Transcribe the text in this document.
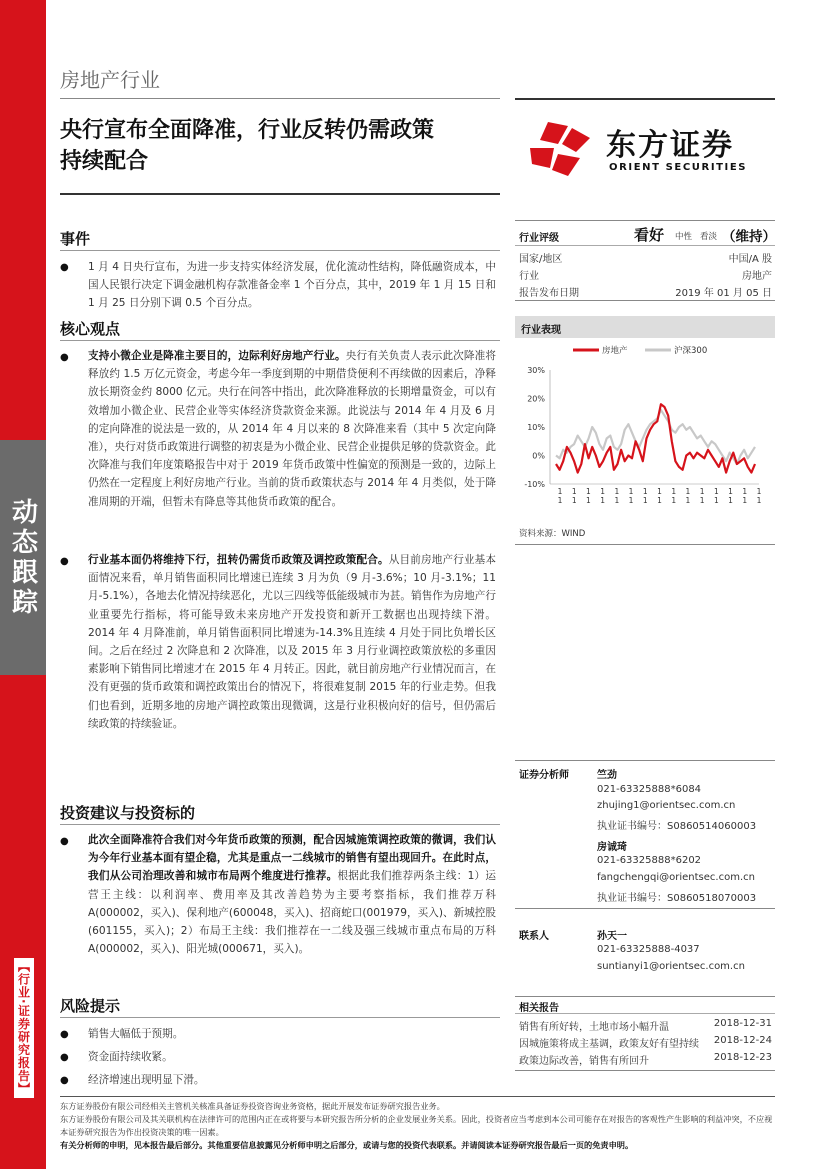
动态跟踪
【行业·证券研究报告】
房地产行业
央行宣布全面降准，行业反转仍需政策
持续配合	东方证券
ORIENT SECURITIES
事件
● 1 月 4 日央行宣布，为进一步支持实体经济发展，优化流动性结构，降低融资成本，中国人民银行决定下调金融机构存款准备金率 1 个百分点，其中，2019 年 1 月 15 日和 1 月 25 日分别下调 0.5 个百分点。
核心观点
● 支持小微企业是降准主要目的，边际利好房地产行业。央行有关负责人表示此次降准将释放约 1.5 万亿元资金，考虑今年一季度到期的中期借贷便利不再续做的因素后，净释放长期资金约 8000 亿元。央行在问答中指出，此次降准释放的长期增量资金，可以有效增加小微企业、民营企业等实体经济贷款资金来源。此说法与 2014 年 4 月及 6 月的定向降准的说法是一致的，从 2014 年 4 月以来的 8 次降准来看（其中 5 次定向降准），央行对货币政策进行调整的初衷是为小微企业、民营企业提供足够的贷款资金。此次降准与我们年度策略报告中对于 2019 年货币政策中性偏宽的预测是一致的，边际上仍然在一定程度上利好房地产行业。当前的货币政策状态与 2014 年 4 月类似，处于降准周期的开端，但暂未有降息等其他货币政策的配合。
● 行业基本面仍将维持下行，扭转仍需货币政策及调控政策配合。从目前房地产行业基本面情况来看，单月销售面积同比增速已连续 3 月为负（9 月-3.6%；10 月-3.1%；11 月-5.1%），各地去化情况持续恶化，尤以三四线等低能级城市为甚。销售作为房地产行业重要先行指标，将可能导致未来房地产开发投资和新开工数据也出现持续下滑。2014 年 4 月降准前，单月销售面积同比增速为-14.3%且连续 4 月处于同比负增长区间。之后在经过 2 次降息和 2 次降准，以及 2015 年 3 月行业调控政策放松的多重因素影响下销售同比增速才在 2015 年 4 月转正。因此，就目前房地产行业情况而言，在没有更强的货币政策和调控政策出台的情况下，将很难复制 2015 年的行业走势。但我们也看到，近期多地的房地产调控政策出现微调，这是行业积极向好的信号，但仍需后续政策的持续验证。
投资建议与投资标的
● 此次全面降准符合我们对今年货币政策的预测，配合因城施策调控政策的微调，我们认为今年行业基本面有望企稳，尤其是重点一二线城市的销售有望出现回升。在此时点，我们从公司治理改善和城市布局两个维度进行推荐。根据此我们推荐两条主线：1）运营王主线：以利润率、费用率及其改善趋势为主要考察指标，我们推荐万科 A(000002，买入)、保利地产(600048，买入)、招商蛇口(001979，买入)、新城控股(601155，买入)；2）布局王主线：我们推荐在一二线及强三线城市重点布局的万科 A(000002，买入)、阳光城(000671，买入)。
风险提示
● 销售大幅低于预期。
● 资金面持续收紧。
● 经济增速出现明显下滑。
行业评级	看好 中性 看淡 （维持）
国家/地区	中国/A 股
行业	房地产
报告发布日期	2019 年 01 月 05 日
行业表现
房地产	沪深300
30%
20%
10%
0%
-10%
1
1
1
1
1
1
1
1
1
1
1
1
1
1
1
1
1
1
1
1
1
1
1
1
1
1
1
1
1
1
资料来源：WIND
证券分析师	竺劲
021-63325888*6084
zhujing1@orientsec.com.cn
执业证书编号：S0860514060003
房诚琦
021-63325888*6202
fangchengqi@orientsec.com.cn
执业证书编号：S0860518070003
联系人	孙天一
021-63325888-4037
suntianyi1@orientsec.com.cn
相关报告
销售有所好转，土地市场小幅升温	2018-12-31
因城施策将成主基调，政策友好有望持续	2018-12-24
政策边际改善，销售有所回升	2018-12-23
东方证券股份有限公司经相关主管机关核准具备证券投资咨询业务资格，据此开展发布证券研究报告业务。
东方证券股份有限公司及其关联机构在法律许可的范围内正在或将要与本研究报告所分析的企业发展业务关系。因此，投资者应当考虑到本公司可能存在对报告的客观性产生影响的利益冲突，不应视本证券研究报告为作出投资决策的唯一因素。
有关分析师的申明，见本报告最后部分。其他重要信息披露见分析师申明之后部分，或请与您的投资代表联系。并请阅读本证券研究报告最后一页的免责申明。
